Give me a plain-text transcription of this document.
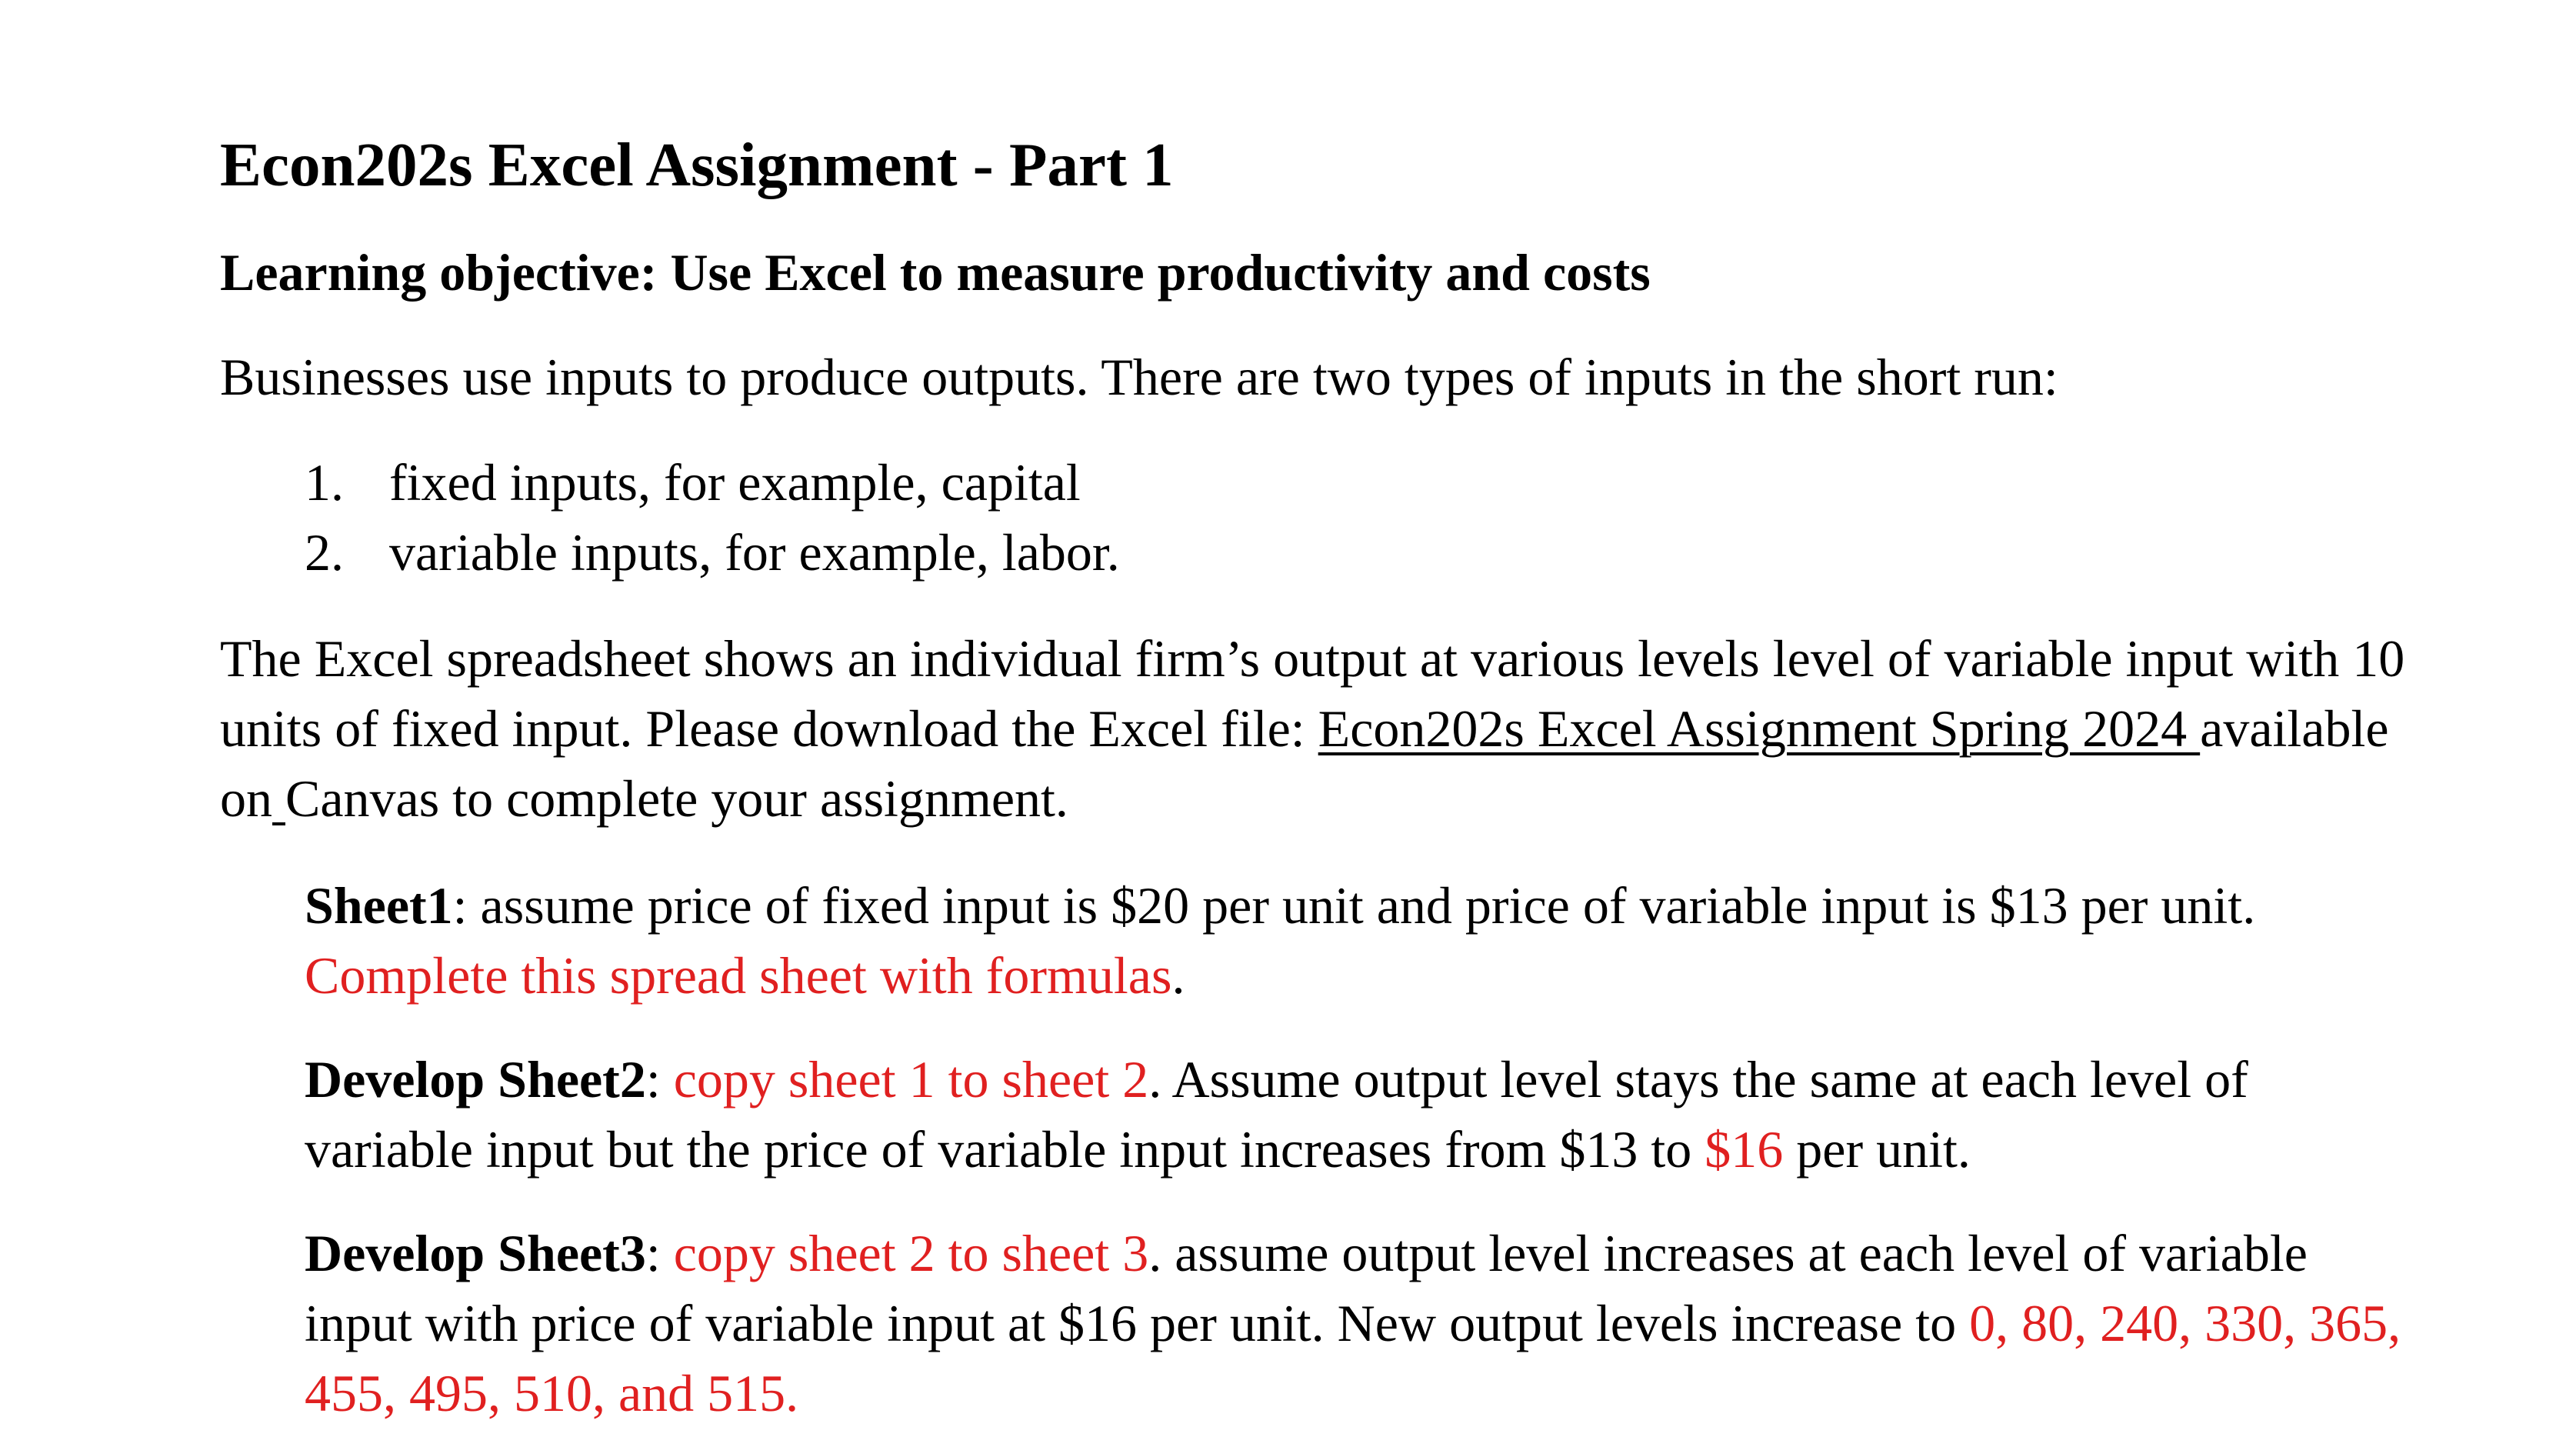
Econ202s Excel Assignment - Part 1
Learning objective: Use Excel to measure productivity and costs

Businesses use inputs to produce outputs. There are two types of inputs in the short run:

1. fixed inputs, for example, capital
2. variable inputs, for example, labor.

The Excel spreadsheet shows an individual firm’s output at various levels level of variable input with 10 units of fixed input. Please download the Excel file: Econ202s Excel Assignment Spring 2024 available on Canvas to complete your assignment.

Sheet1: assume price of fixed input is $20 per unit and price of variable input is $13 per unit. Complete this spread sheet with formulas.

Develop Sheet2: copy sheet 1 to sheet 2. Assume output level stays the same at each level of variable input but the price of variable input increases from $13 to $16 per unit.

Develop Sheet3: copy sheet 2 to sheet 3. assume output level increases at each level of variable input with price of variable input at $16 per unit. New output levels increase to 0, 80, 240, 330, 365, 455, 495, 510, and 515.
